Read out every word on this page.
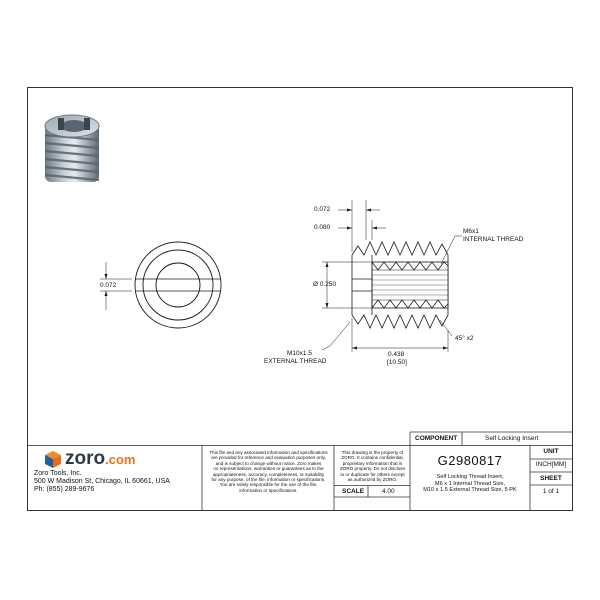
0.072
0.072
0.080
Ø 0.250
0.438
[10.50]
45° x2
M6x1
INTERNAL THREAD
M10x1.5
EXTERNAL THREAD
zoro.com
Zoro Tools, Inc.
500 W Madison St, Chicago, IL 60661, USA
Ph: (855) 289-9676
This file and any associated information and specifications
are provided for reference and evaluation purposes only,
and is subject to change without notice. Zoro makes
no representations, warranties or guarantees as to the
appropriateness, accuracy, completeness, or suitability
for any purpose, of the file, information or specifications.
You are solely responsible for the use of the file,
information or specifications.
This drawing is the property of
ZORO. It contains confidential,
proprietary information that is
ZORO property. Do not disclose
to or duplicate for others except
as authorized by ZORO.
SCALE	4.00
COMPONENT	Self Locking Insert
G2980817
Self Locking Thread Insert,
M6 x 1 Internal Thread Size,
M10 x 1.5 External Thread Size, 5 PK
UNIT
INCH[MM]
SHEET
1 of 1
